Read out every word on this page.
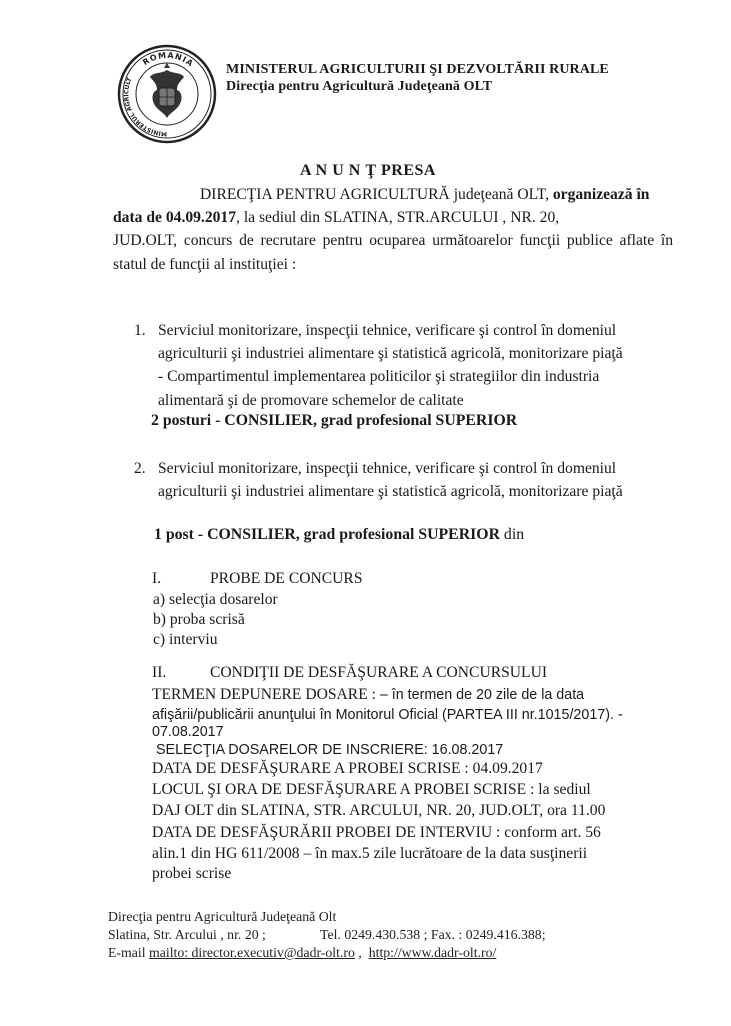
ROMANIA
MINISTERUL AGRICULT
MINISTERUL AGRICULTURII ŞI DEZVOLTĂRII RURALE
Direcţia pentru Agricultură Judeţeană OLT
A N U N Ţ PRESA
DIRECŢIA PENTRU AGRICULTURĂ judeţeană OLT, organizează în
data de 04.09.2017, la sediul din SLATINA, STR.ARCULUI , NR. 20,
JUD.OLT, concurs de recrutare pentru ocuparea următoarelor funcţii publice aflate în statul de funcţii al instituţiei :
1. Serviciul monitorizare, inspecţii tehnice, verificare şi control în domeniul
agriculturii şi industriei alimentare şi statistică agricolă, monitorizare piaţă
- Compartimentul implementarea politicilor şi strategiilor din industria
alimentară şi de promovare schemelor de calitate
2 posturi - CONSILIER, grad profesional SUPERIOR
2. Serviciul monitorizare, inspecţii tehnice, verificare şi control în domeniul
agriculturii şi industriei alimentare şi statistică agricolă, monitorizare piaţă
1 post - CONSILIER, grad profesional SUPERIOR din
I.	PROBE DE CONCURS
a) selecţia dosarelor
b) proba scrisă
c) interviu
II.	CONDIŢII DE DESFĂŞURARE A CONCURSULUI
TERMEN DEPUNERE DOSARE : – în termen de 20 zile de la data
afişării/publicării anunţului în Monitorul Oficial (PARTEA III nr.1015/2017). -
07.08.2017
SELECŢIA DOSARELOR DE INSCRIERE: 16.08.2017
DATA DE DESFĂŞURARE A PROBEI SCRISE : 04.09.2017
LOCUL ŞI ORA DE DESFĂŞURARE A PROBEI SCRISE : la sediul
DAJ OLT din SLATINA, STR. ARCULUI, NR. 20, JUD.OLT, ora 11.00
DATA DE DESFĂŞURĂRII PROBEI DE INTERVIU : conform art. 56
alin.1 din HG 611/2008 – în max.5 zile lucrătoare de la data susţinerii
probei scrise
Direcţia pentru Agricultură Judeţeană Olt
Slatina, Str. Arcului , nr. 20 ;	Tel. 0249.430.538 ; Fax. : 0249.416.388;
E-mail mailto: director.executiv@dadr-olt.ro ,  http://www.dadr-olt.ro/
